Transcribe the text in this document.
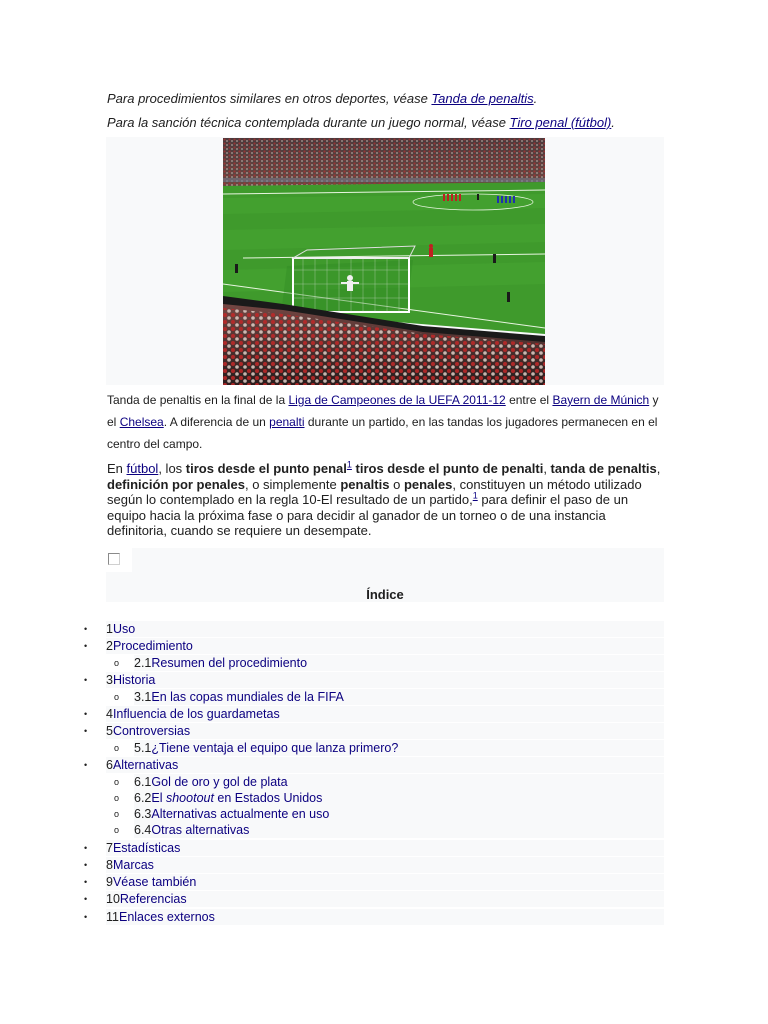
Para procedimientos similares en otros deportes, véase Tanda de penaltis.
Para la sanción técnica contemplada durante un juego normal, véase Tiro penal (fútbol).
Tanda de penaltis en la final de la Liga de Campeones de la UEFA 2011-12 entre el Bayern de Múnich y el Chelsea. A diferencia de un penalti durante un partido, en las tandas los jugadores permanecen en el centro del campo.
En fútbol, los tiros desde el punto penal$^1$ tiros desde el punto de penalti, tanda de penaltis, definición por penales, o simplemente penaltis o penales, constituyen un método utilizado según lo contemplado en la regla 10-El resultado de un partido,$^1$ para definir el paso de un equipo hacia la próxima fase o para decidir al ganador de un torneo o de una instancia definitoria, cuando se requiere un desempate.
Índice
1Uso
2Procedimiento
2.1Resumen del procedimiento
3Historia
3.1En las copas mundiales de la FIFA
4Influencia de los guardametas
5Controversias
5.1¿Tiene ventaja el equipo que lanza primero?
6Alternativas
6.1Gol de oro y gol de plata
6.2El shootout en Estados Unidos
6.3Alternativas actualmente en uso
6.4Otras alternativas
7Estadísticas
8Marcas
9Véase también
10Referencias
11Enlaces externos
•
•
o
•
o
•
•
o
•
o
o
o
o
•
•
•
•
•
